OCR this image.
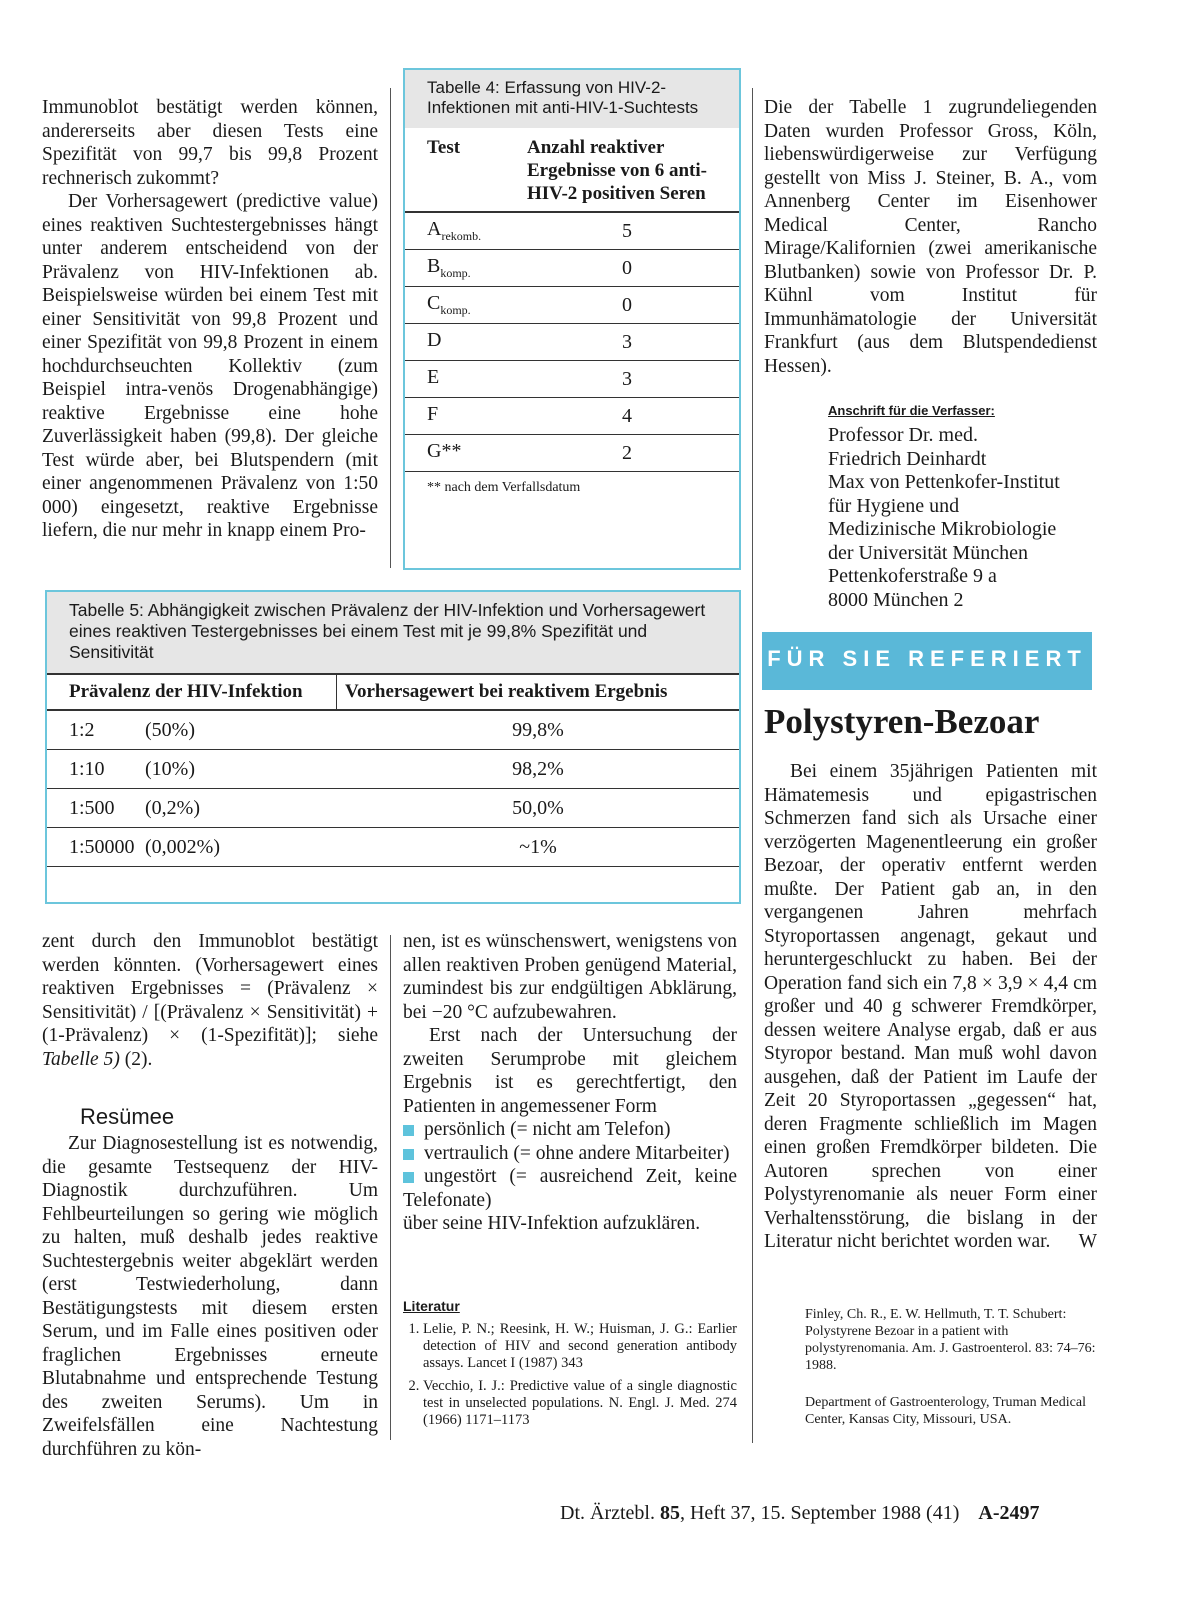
Immunoblot bestätigt werden können, andererseits aber diesen Tests eine Spezifität von 99,7 bis 99,8 Prozent rechnerisch zukommt?

Der Vorhersagewert (predictive value) eines reaktiven Suchtestergebnisses hängt unter anderem entscheidend von der Prävalenz von HIV-Infektionen ab. Beispielsweise würden bei einem Test mit einer Sensitivität von 99,8 Prozent und einer Spezifität von 99,8 Prozent in einem hochdurchseuchten Kollektiv (zum Beispiel intra-venös Drogenabhängige) reaktive Ergebnisse eine hohe Zuverlässigkeit haben (99,8). Der gleiche Test würde aber, bei Blutspendern (mit einer angenommenen Prävalenz von 1:50 000) eingesetzt, reaktive Ergebnisse liefern, die nur mehr in knapp einem Pro-

Tabelle 4: Erfassung von HIV-2-Infektionen mit anti-HIV-1-Suchtests
Test	Anzahl reaktiver Ergebnisse von 6 anti-HIV-2 positiven Seren
$A_{rekomb.}$	5
$B_{komp.}$	0
$C_{komp.}$	0
D	3
E	3
F	4
G**	2
** nach dem Verfallsdatum

Die der Tabelle 1 zugrundeliegenden Daten wurden Professor Gross, Köln, liebenswürdigerweise zur Verfügung gestellt von Miss J. Steiner, B. A., vom Annenberg Center im Eisenhower Medical Center, Rancho Mirage/Kalifornien (zwei amerikanische Blutbanken) sowie von Professor Dr. P. Kühnl vom Institut für Immunhämatologie der Universität Frankfurt (aus dem Blutspendedienst Hessen).

Anschrift für die Verfasser:
Professor Dr. med.
Friedrich Deinhardt
Max von Pettenkofer-Institut
für Hygiene und
Medizinische Mikrobiologie
der Universität München
Pettenkoferstraße 9 a
8000 München 2
Tabelle 5: Abhängigkeit zwischen Prävalenz der HIV-Infektion und Vorhersagewert eines reaktiven Testergebnisses bei einem Test mit je 99,8% Spezifität und Sensitivität
Prävalenz der HIV-Infektion	Vorhersagewert bei reaktivem Ergebnis
1:2	(50%)	99,8%
1:10 (10%)	98,2%
1:500 (0,2%)	50,0%
1:50000 (0,002%)	~1%
FÜR SIE REFERIERT
Polystyren-Bezoar

Bei einem 35jährigen Patienten mit Hämatemesis und epigastrischen Schmerzen fand sich als Ursache einer verzögerten Magenentleerung ein großer Bezoar, der operativ entfernt werden mußte. Der Patient gab an, in den vergangenen Jahren mehrfach Styroportassen angenagt, gekaut und heruntergeschluckt zu haben. Bei der Operation fand sich ein 7,8 × 3,9 × 4,4 cm großer und 40 g schwerer Fremdkörper, dessen weitere Analyse ergab, daß er aus Styropor bestand. Man muß wohl davon ausgehen, daß der Patient im Laufe der Zeit 20 Styroportassen „gegessen“ hat, deren Fragmente schließlich im Magen einen großen Fremdkörper bildeten. Die Autoren sprechen von einer Polystyrenomanie als neuer Form einer Verhaltensstörung, die bislang in der Literatur nicht berichtet worden war.	W

Finley, Ch. R., E. W. Hellmuth, T. T. Schubert: Polystyrene Bezoar in a patient with polystyrenomania. Am. J. Gastroenterol. 83: 74–76: 1988.
Department of Gastroenterology, Truman Medical Center, Kansas City, Missouri, USA.

zent durch den Immunoblot bestätigt werden könnten. (Vorhersagewert eines reaktiven Ergebnisses = (Prävalenz × Sensitivität) / [(Prävalenz × Sensitivität) + (1-Prävalenz) × (1-Spezifität)]; siehe Tabelle 5) (2).

Resümee

Zur Diagnosestellung ist es notwendig, die gesamte Testsequenz der HIV-Diagnostik durchzuführen. Um Fehlbeurteilungen so gering wie möglich zu halten, muß deshalb jedes reaktive Suchtestergebnis weiter abgeklärt werden (erst Testwiederholung, dann Bestätigungstests mit diesem ersten Serum, und im Falle eines positiven oder fraglichen Ergebnisses erneute Blutabnahme und entsprechende Testung des zweiten Serums). Um in Zweifelsfällen eine Nachtestung durchführen zu kön-

nen, ist es wünschenswert, wenigstens von allen reaktiven Proben genügend Material, zumindest bis zur endgültigen Abklärung, bei −20 °C aufzubewahren.

Erst nach der Untersuchung der zweiten Serumprobe mit gleichem Ergebnis ist es gerechtfertigt, den Patienten in angemessener Form

persönlich (= nicht am Telefon)
vertraulich (= ohne andere Mitarbeiter)
ungestört (= ausreichend Zeit, keine Telefonate)

über seine HIV-Infektion aufzuklären.

Literatur
1. Lelie, P. N.; Reesink, H. W.; Huisman, J. G.: Earlier detection of HIV and second generation antibody assays. Lancet I (1987) 343
2. Vecchio, I. J.: Predictive value of a single diagnostic test in unselected populations. N. Engl. J. Med. 274 (1966) 1171–1173
Dt. Ärztebl. 85, Heft 37, 15. September 1988 (41) A-2497
